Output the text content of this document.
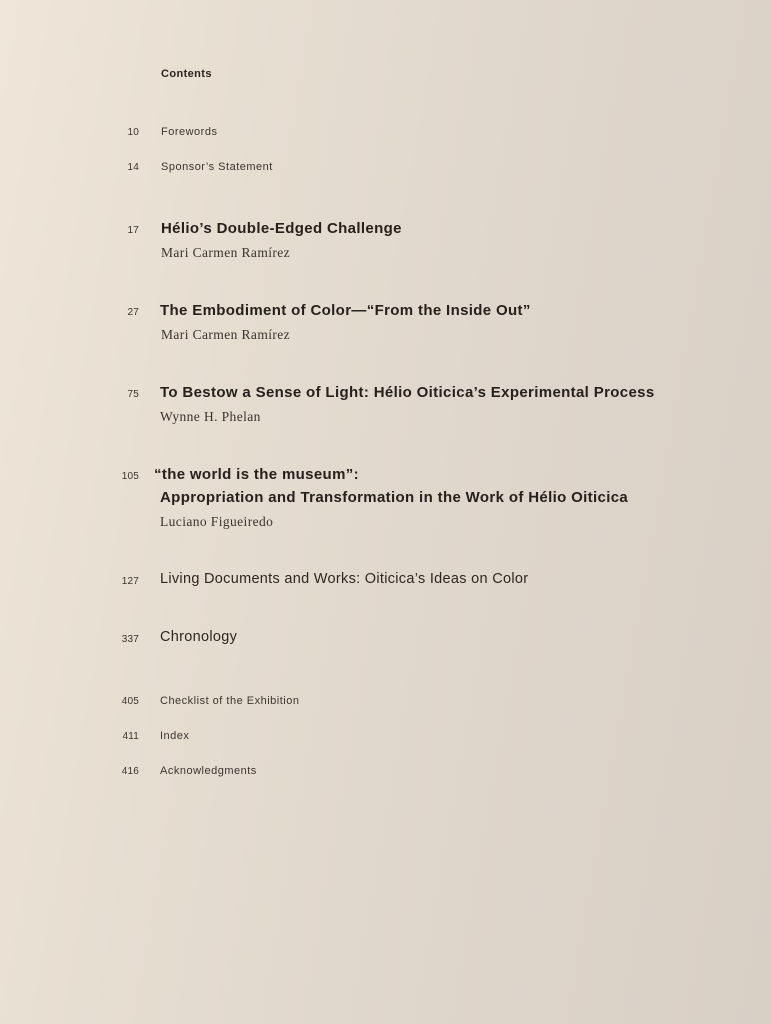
Contents
10 Forewords
14 Sponsor’s Statement
17 Hélio’s Double-Edged Challenge
Mari Carmen Ramírez
27 The Embodiment of Color—“From the Inside Out”
Mari Carmen Ramírez
75 To Bestow a Sense of Light: Hélio Oiticica’s Experimental Process
Wynne H. Phelan
105 “the world is the museum”:
Appropriation and Transformation in the Work of Hélio Oiticica
Luciano Figueiredo
127 Living Documents and Works: Oiticica’s Ideas on Color
337 Chronology
405 Checklist of the Exhibition
411 Index
416 Acknowledgments
